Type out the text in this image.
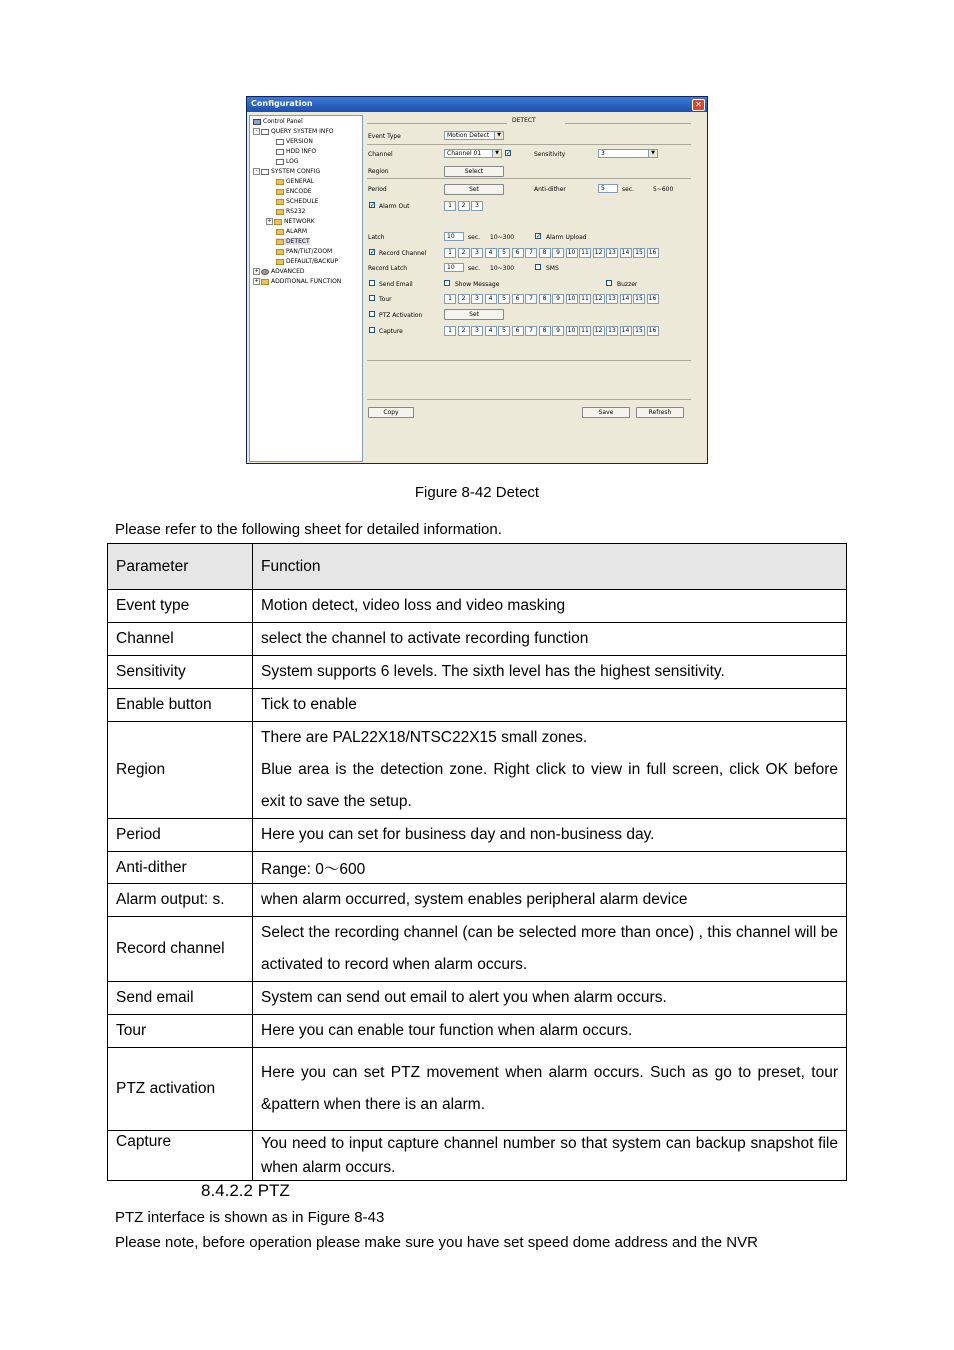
Configuration	✕
Control Panel
- QUERY SYSTEM INFO
VERSION
HDD INFO
LOG
- SYSTEM CONFIG
GENERAL
ENCODE
SCHEDULE
RS232
+ NETWORK
ALARM
DETECT
PAN/TILT/ZOOM
DEFAULT/BACKUP
+ ADVANCED
+ ADDITIONAL FUNCTION
DETECT
Event Type	Motion Detect	▼
Channel	Channel 01	▼	✓	Sensitivity	3	▼
Region	Select
Period	Set	Anti-dither	5	sec.	5~600
✓ Alarm Out	1	2	3
Latch	10	sec. 10~300	✓ Alarm Upload
✓ Record Channel	1	2	3	4	5	6	7	8	9	10 11 12 13 14 15 16
Record Latch	10	sec. 10~300	SMS
Send Email	Show Message	Buzzer
Tour	1	2	3	4	5	6	7	8	9	10 11 12 13 14 15 16
PTZ Activation	Set
Capture	1	2	3	4	5	6	7	8	9	10 11 12 13 14 15 16
Copy	Save	Refresh
Figure 8-42 Detect
Please refer to the following sheet for detailed information.
Parameter	Function
Event type	Motion detect, video loss and video masking
Channel	select the channel to activate recording function
Sensitivity	System supports 6 levels. The sixth level has the highest sensitivity.
Enable button	Tick to enable
Region	There are PAL22X18/NTSC22X15 small zones.
Blue area is the detection zone. Right click to view in full screen, click OK before exit to save the setup.

Period	Here you can set for business day and non-business day.
Anti-dither	Range: 0～600
Alarm output: s.	when alarm occurred, system enables peripheral alarm device
Record channel	Select the recording channel (can be selected more than once) , this channel will be activated to record when alarm occurs.
Send email	System can send out email to alert you when alarm occurs.
Tour	Here you can enable tour function when alarm occurs.
PTZ activation	Here you can set PTZ movement when alarm occurs. Such as go to preset, tour &pattern when there is an alarm.
Capture	You need to input capture channel number so that system can backup snapshot file when alarm occurs.
8.4.2.2 PTZ
PTZ interface is shown as in Figure 8-43
Please note, before operation please make sure you have set speed dome address and the NVR
